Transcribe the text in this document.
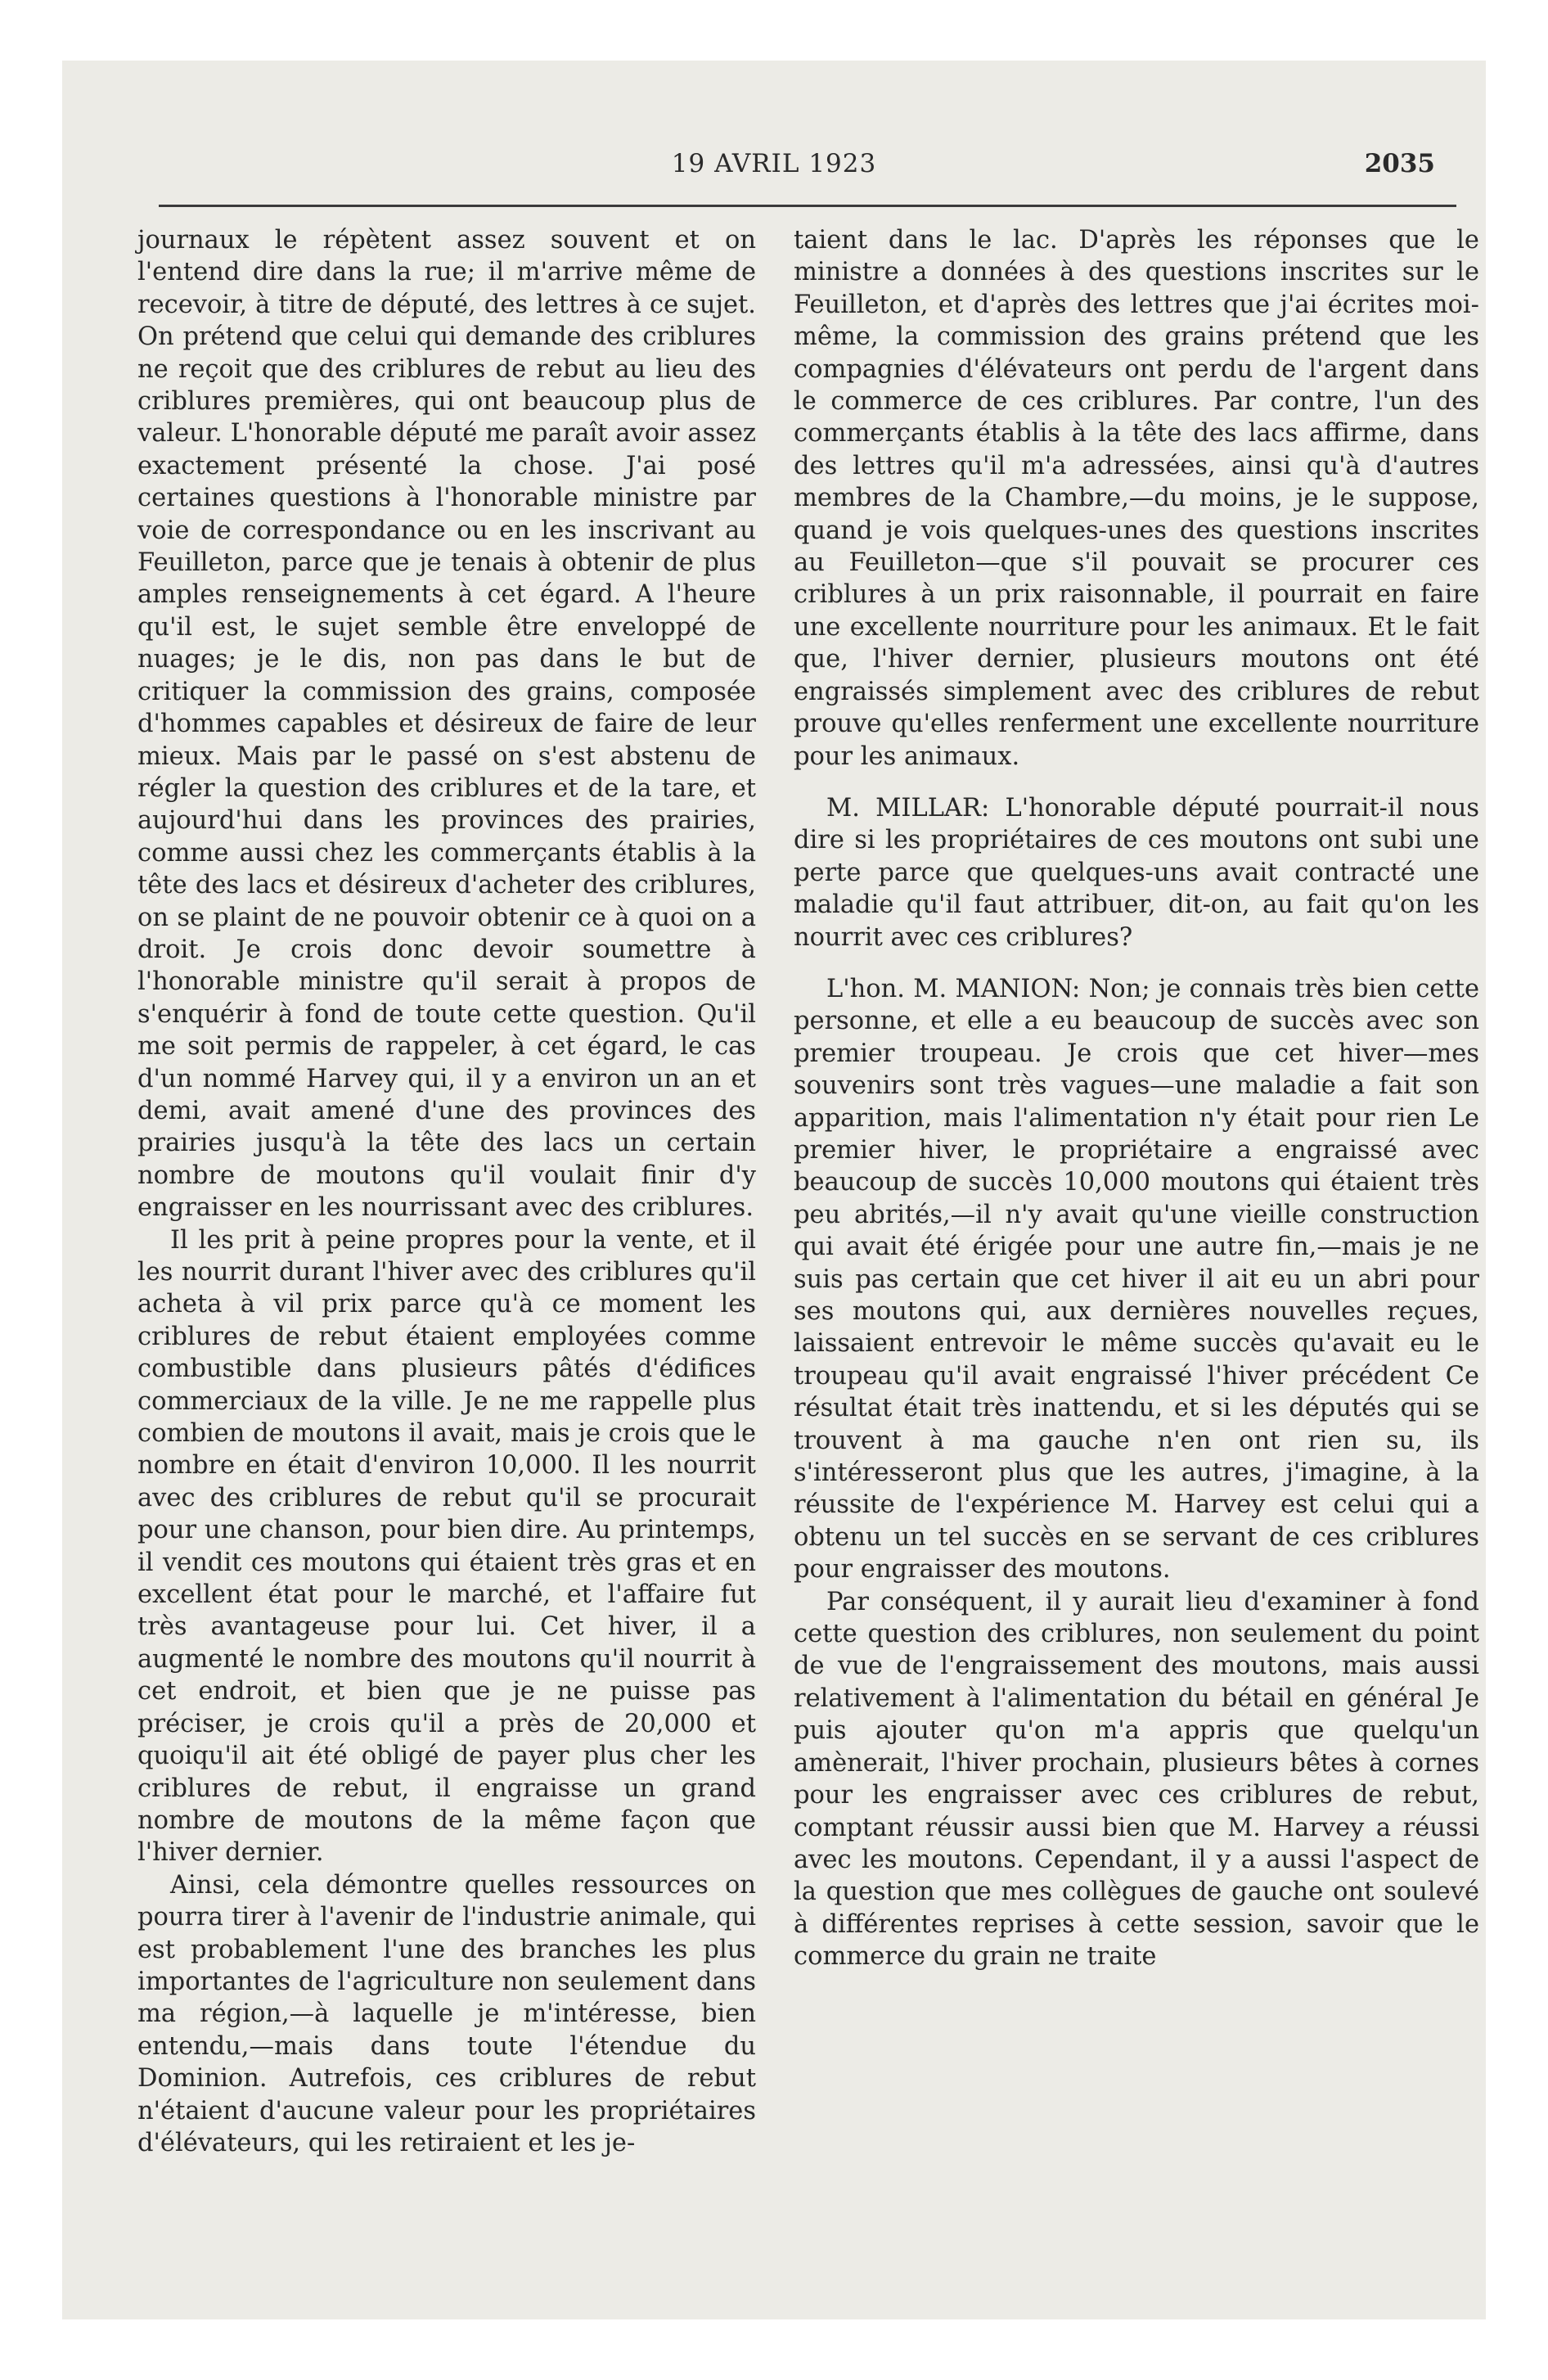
19 AVRIL 1923	2035

journaux le répètent assez souvent et on l'entend dire dans la rue; il m'arrive même de recevoir, à titre de député, des lettres à ce sujet. On prétend que celui qui demande des criblures ne reçoit que des criblures de rebut au lieu des criblures premières, qui ont beaucoup plus de valeur. L'honorable député me paraît avoir assez exactement présenté la chose. J'ai posé certaines questions à l'honorable ministre par voie de correspondance ou en les inscrivant au Feuilleton, parce que je tenais à obtenir de plus amples renseignements à cet égard. A l'heure qu'il est, le sujet semble être enveloppé de nuages; je le dis, non pas dans le but de critiquer la commission des grains, composée d'hommes capables et désireux de faire de leur mieux. Mais par le passé on s'est abstenu de régler la question des criblures et de la tare, et aujourd'hui dans les provinces des prairies, comme aussi chez les commerçants établis à la tête des lacs et désireux d'acheter des criblures, on se plaint de ne pouvoir obtenir ce à quoi on a droit. Je crois donc devoir soumettre à l'honorable ministre qu'il serait à propos de s'enquérir à fond de toute cette question. Qu'il me soit permis de rappeler, à cet égard, le cas d'un nommé Harvey qui, il y a environ un an et demi, avait amené d'une des provinces des prairies jusqu'à la tête des lacs un certain nombre de moutons qu'il voulait finir d'y engraisser en les nourrissant avec des criblures.

Il les prit à peine propres pour la vente, et il les nourrit durant l'hiver avec des criblures qu'il acheta à vil prix parce qu'à ce moment les criblures de rebut étaient employées comme combustible dans plusieurs pâtés d'édifices commerciaux de la ville. Je ne me rappelle plus combien de moutons il avait, mais je crois que le nombre en était d'environ 10,000. Il les nourrit avec des criblures de rebut qu'il se procurait pour une chanson, pour bien dire. Au printemps, il vendit ces moutons qui étaient très gras et en excellent état pour le marché, et l'affaire fut très avantageuse pour lui. Cet hiver, il a augmenté le nombre des moutons qu'il nourrit à cet endroit, et bien que je ne puisse pas préciser, je crois qu'il a près de 20,000 et quoiqu'il ait été obligé de payer plus cher les criblures de rebut, il engraisse un grand nombre de moutons de la même façon que l'hiver dernier.

Ainsi, cela démontre quelles ressources on pourra tirer à l'avenir de l'industrie animale, qui est probablement l'une des branches les plus importantes de l'agriculture non seulement dans ma région,—à laquelle je m'intéresse, bien entendu,—mais dans toute l'étendue du Dominion. Autrefois, ces criblures de rebut n'étaient d'aucune valeur pour les propriétaires d'élévateurs, qui les retiraient et les je-

taient dans le lac. D'après les réponses que le ministre a données à des questions inscrites sur le Feuilleton, et d'après des lettres que j'ai écrites moi-même, la commission des grains prétend que les compagnies d'élévateurs ont perdu de l'argent dans le commerce de ces criblures. Par contre, l'un des commerçants établis à la tête des lacs affirme, dans des lettres qu'il m'a adressées, ainsi qu'à d'autres membres de la Chambre,—du moins, je le suppose, quand je vois quelques-unes des questions inscrites au Feuilleton—que s'il pouvait se procurer ces criblures à un prix raisonnable, il pourrait en faire une excellente nourriture pour les animaux. Et le fait que, l'hiver dernier, plusieurs moutons ont été engraissés simplement avec des criblures de rebut prouve qu'elles renferment une excellente nourriture pour les animaux.

M. MILLAR: L'honorable député pourrait-il nous dire si les propriétaires de ces moutons ont subi une perte parce que quelques-uns avait contracté une maladie qu'il faut attribuer, dit-on, au fait qu'on les nourrit avec ces criblures?

L'hon. M. MANION: Non; je connais très bien cette personne, et elle a eu beaucoup de succès avec son premier troupeau. Je crois que cet hiver—mes souvenirs sont très vagues—une maladie a fait son apparition, mais l'alimentation n'y était pour rien Le premier hiver, le propriétaire a engraissé avec beaucoup de succès 10,000 moutons qui étaient très peu abrités,—il n'y avait qu'une vieille construction qui avait été érigée pour une autre fin,—mais je ne suis pas certain que cet hiver il ait eu un abri pour ses moutons qui, aux dernières nouvelles reçues, laissaient entrevoir le même succès qu'avait eu le troupeau qu'il avait engraissé l'hiver précédent Ce résultat était très inattendu, et si les députés qui se trouvent à ma gauche n'en ont rien su, ils s'intéresseront plus que les autres, j'imagine, à la réussite de l'expérience M. Harvey est celui qui a obtenu un tel succès en se servant de ces criblures pour engraisser des moutons.

Par conséquent, il y aurait lieu d'examiner à fond cette question des criblures, non seulement du point de vue de l'engraissement des moutons, mais aussi relativement à l'alimentation du bétail en général Je puis ajouter qu'on m'a appris que quelqu'un amènerait, l'hiver prochain, plusieurs bêtes à cornes pour les engraisser avec ces criblures de rebut, comptant réussir aussi bien que M. Harvey a réussi avec les moutons. Cependant, il y a aussi l'aspect de la question que mes collègues de gauche ont soulevé à différentes reprises à cette session, savoir que le commerce du grain ne traite
